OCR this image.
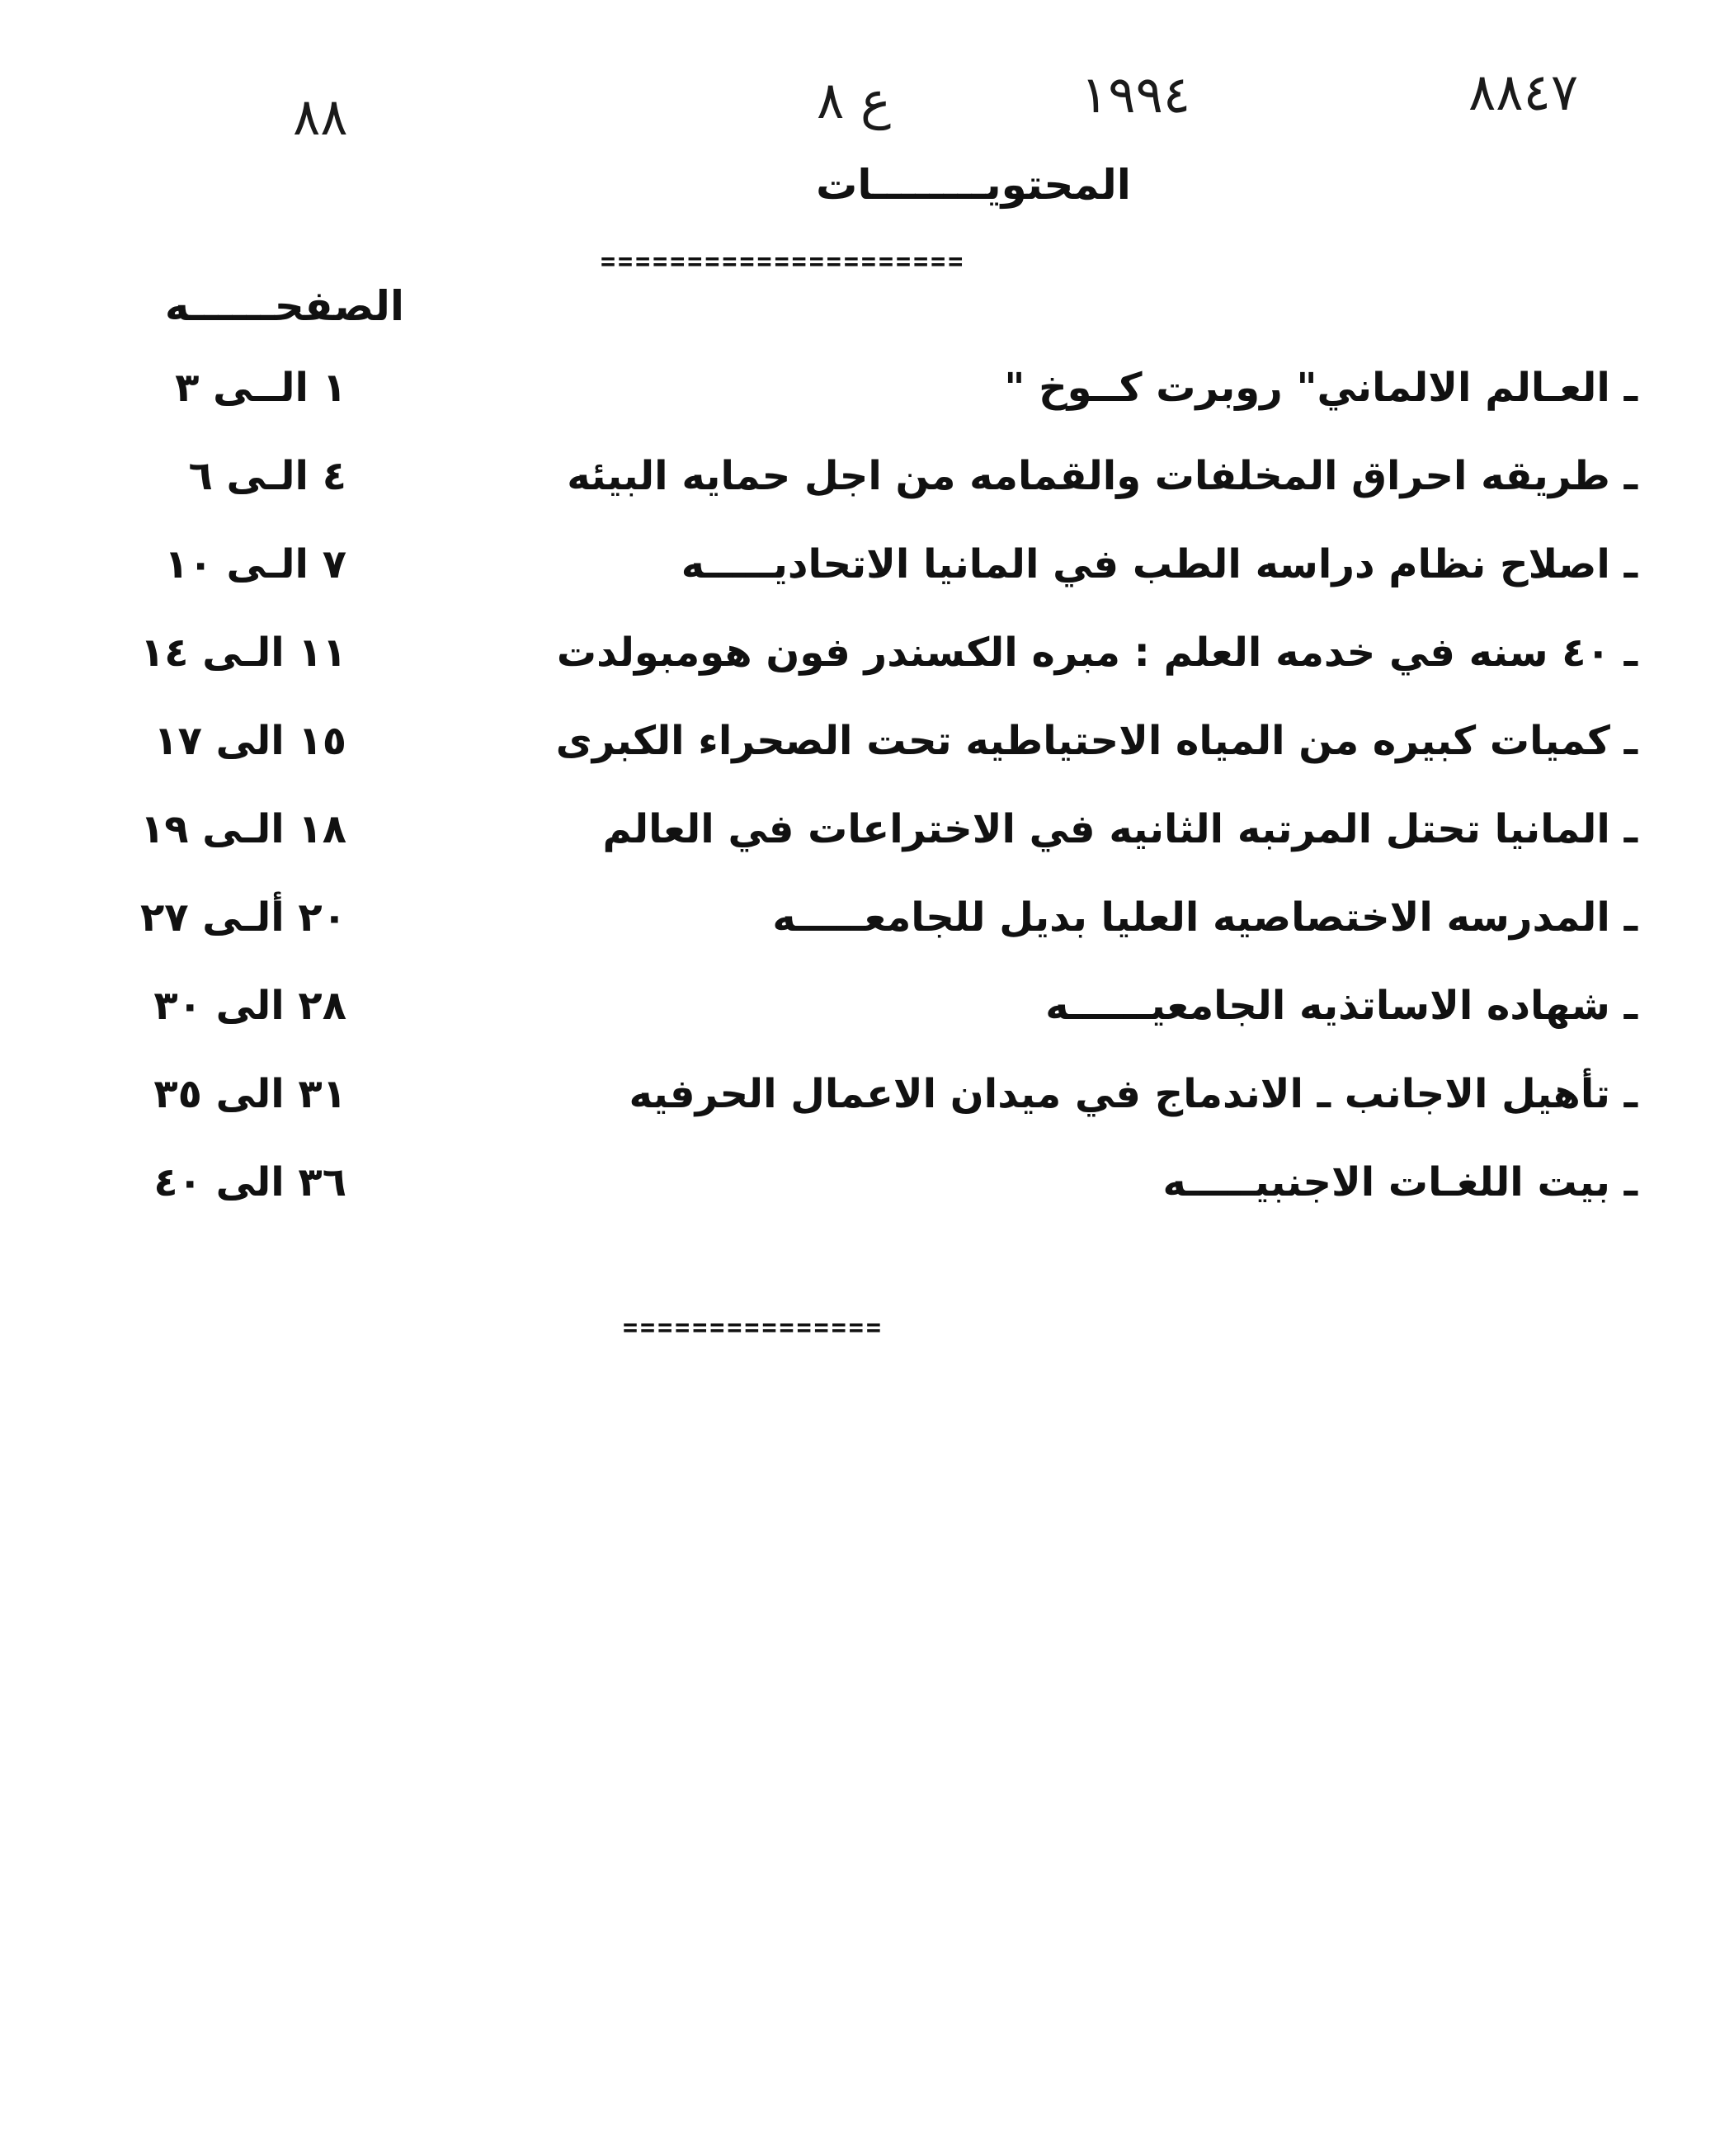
٨٨	ع ٨	١٩٩٤	٨٨٤٧
المحتويــــــــات
=====================
الصفحــــــه
ـ العـالم الالماني" روبرت كــوخ "
١ الــى ٣
ـ طريقه احراق المخلفات والقمامه من اجل حمايه البيئه
٤ الـى ٦
ـ اصلاح نظام دراسه الطب في المانيا الاتحاديـــــه
٧ الـى ١٠
ـ ٤٠ سنه في خدمه العلم : مبره الكسندر فون هومبولدت
١١ الـى ١٤
ـ كميات كبيره من المياه الاحتياطيه تحت الصحراء الكبرى
١٥ الى ١٧
ـ المانيا تحتل المرتبه الثانيه في الاختراعات في العالم
١٨ الـى ١٩
ـ المدرسه الاختصاصيه العليا بديل للجامعـــــه
٢٠ ألـى ٢٧
ـ شهاده الاساتذيه الجامعيــــــه
٢٨ الى ٣٠
ـ تأهيل الاجانب ـ الاندماج في ميدان الاعمال الحرفيه
٣١ الى ٣٥
ـ بيت اللغـات الاجنبيـــــه
٣٦ الى ٤٠
===============
